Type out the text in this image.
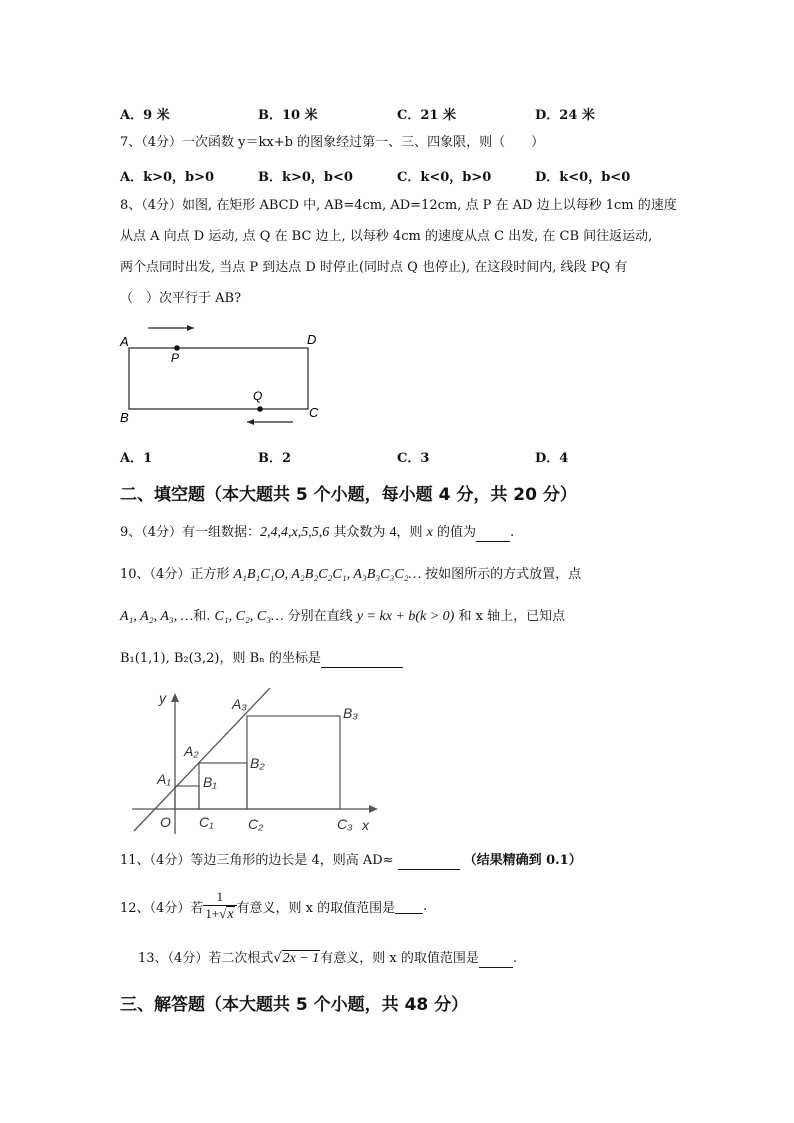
A．9 米	B．10 米	C．21 米	D．24 米
7、（4分）一次函数 y＝kx+b 的图象经过第一、三、四象限，则（　　）
A．k>0，b>0	B．k>0，b<0	C．k<0，b>0	D．k<0，b<0
8、（4分）如图, 在矩形 ABCD 中, AB=4cm, AD=12cm, 点 P 在 AD 边上以每秒 1cm 的速度
从点 A 向点 D 运动, 点 Q 在 BC 边上, 以每秒 4cm 的速度从点 C 出发, 在 CB 间往返运动,
两个点同时出发, 当点 P 到达点 D 时停止(同时点 Q 也停止), 在这段时间内, 线段 PQ 有
（　）次平行于 AB?
A	D
B	C
P
Q
A．1	B．2	C．3	D．4
二、填空题（本大题共 5 个小题，每小题 4 分，共 20 分）
9、（4分）有一组数据：2,4,4,x,5,5,6 其众数为 4，则 x 的值为	.
10、（4分）正方形 A₁B₁C₁O, A₂B₂C₂C₁, A₃B₃C₃C₂… 按如图所示的方式放置，点
A₁, A₂, A₃, …和. C₁, C₂, C₃… 分别在直线 y = kx + b(k > 0) 和 x 轴上，已知点
B₁(1,1), B₂(3,2)，则 Bₙ 的坐标是
y
x
O
A₁
A₂
A₃
B₁
B₂
B₃
C₁ C₂	C₃
11、（4分）等边三角形的边长是 4，则高 AD≈	（结果精确到 0.1）
12、（4分）若 $\frac{1}{1+√x}$ 有意义，则 x 的取值范围是 .
13、（4分）若二次根式√2x − 1有意义，则 x 的取值范围是	.
三、解答题（本大题共 5 个小题，共 48 分）
